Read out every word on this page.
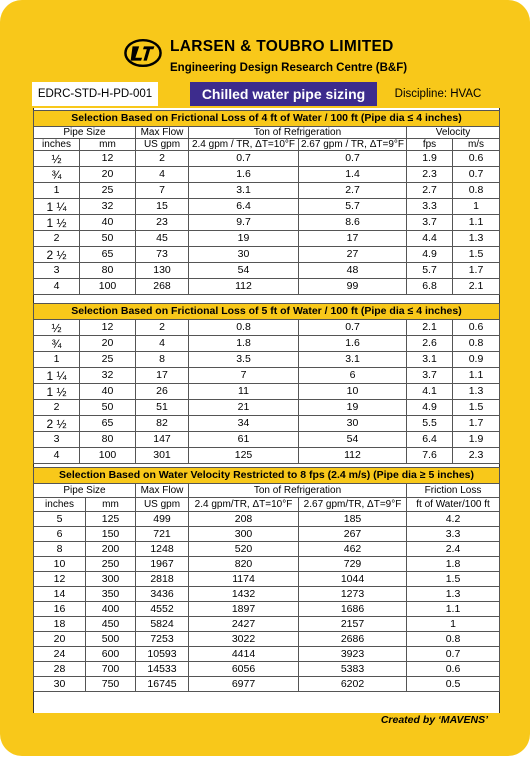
LARSEN & TOUBRO LIMITED
Engineering Design Research Centre (B&F)
EDRC-STD-H-PD-001	Chilled water pipe sizing	Discipline: HVAC
Selection Based on Frictional Loss of 4 ft of Water / 100 ft (Pipe dia ≤ 4 inches)						
Pipe Size		Max Flow	Ton of Refrigeration		Velocity	
inches	mm	US gpm	2.4 gpm / TR, ΔT=10°F	2.67 gpm / TR, ΔT=9°F	fps	m/s
½	12	2	0.7	0.7	1.9	0.6
¾	20	4	1.6	1.4	2.3	0.7
1	25	7	3.1	2.7	2.7	0.8
1 ¼	32	15	6.4	5.7	3.3	1
1 ½	40	23	9.7	8.6	3.7	1.1
2	50	45	19	17	4.4	1.3
2 ½	65	73	30	27	4.9	1.5
3	80	130	54	48	5.7	1.7
4	100	268	112	99	6.8	2.1
Selection Based on Frictional Loss of 5 ft of Water / 100 ft (Pipe dia ≤ 4 inches)						
½	12	2	0.8	0.7	2.1	0.6
¾	20	4	1.8	1.6	2.6	0.8
1	25	8	3.5	3.1	3.1	0.9
1 ¼	32	17	7	6	3.7	1.1
1 ½	40	26	11	10	4.1	1.3
2	50	51	21	19	4.9	1.5
2 ½	65	82	34	30	5.5	1.7
3	80	147	61	54	6.4	1.9
4	100	301	125	112	7.6	2.3
Selection Based on Water Velocity Restricted to 8 fps (2.4 m/s) (Pipe dia ≥ 5 inches)					
Pipe Size		Max Flow	Ton of Refrigeration		Friction Loss
inches	mm	US gpm	2.4 gpm/TR, ΔT=10°F	2.67 gpm/TR, ΔT=9°F	ft of Water/100 ft
5	125	499	208	185	4.2
6	150	721	300	267	3.3
8	200	1248	520	462	2.4
10	250	1967	820	729	1.8
12	300	2818	1174	1044	1.5
14	350	3436	1432	1273	1.3
16	400	4552	1897	1686	1.1
18	450	5824	2427	2157	1
20	500	7253	3022	2686	0.8
24	600	10593	4414	3923	0.7
28	700	14533	6056	5383	0.6
30	750	16745	6977	6202	0.5
Created by ‘MAVENS’
